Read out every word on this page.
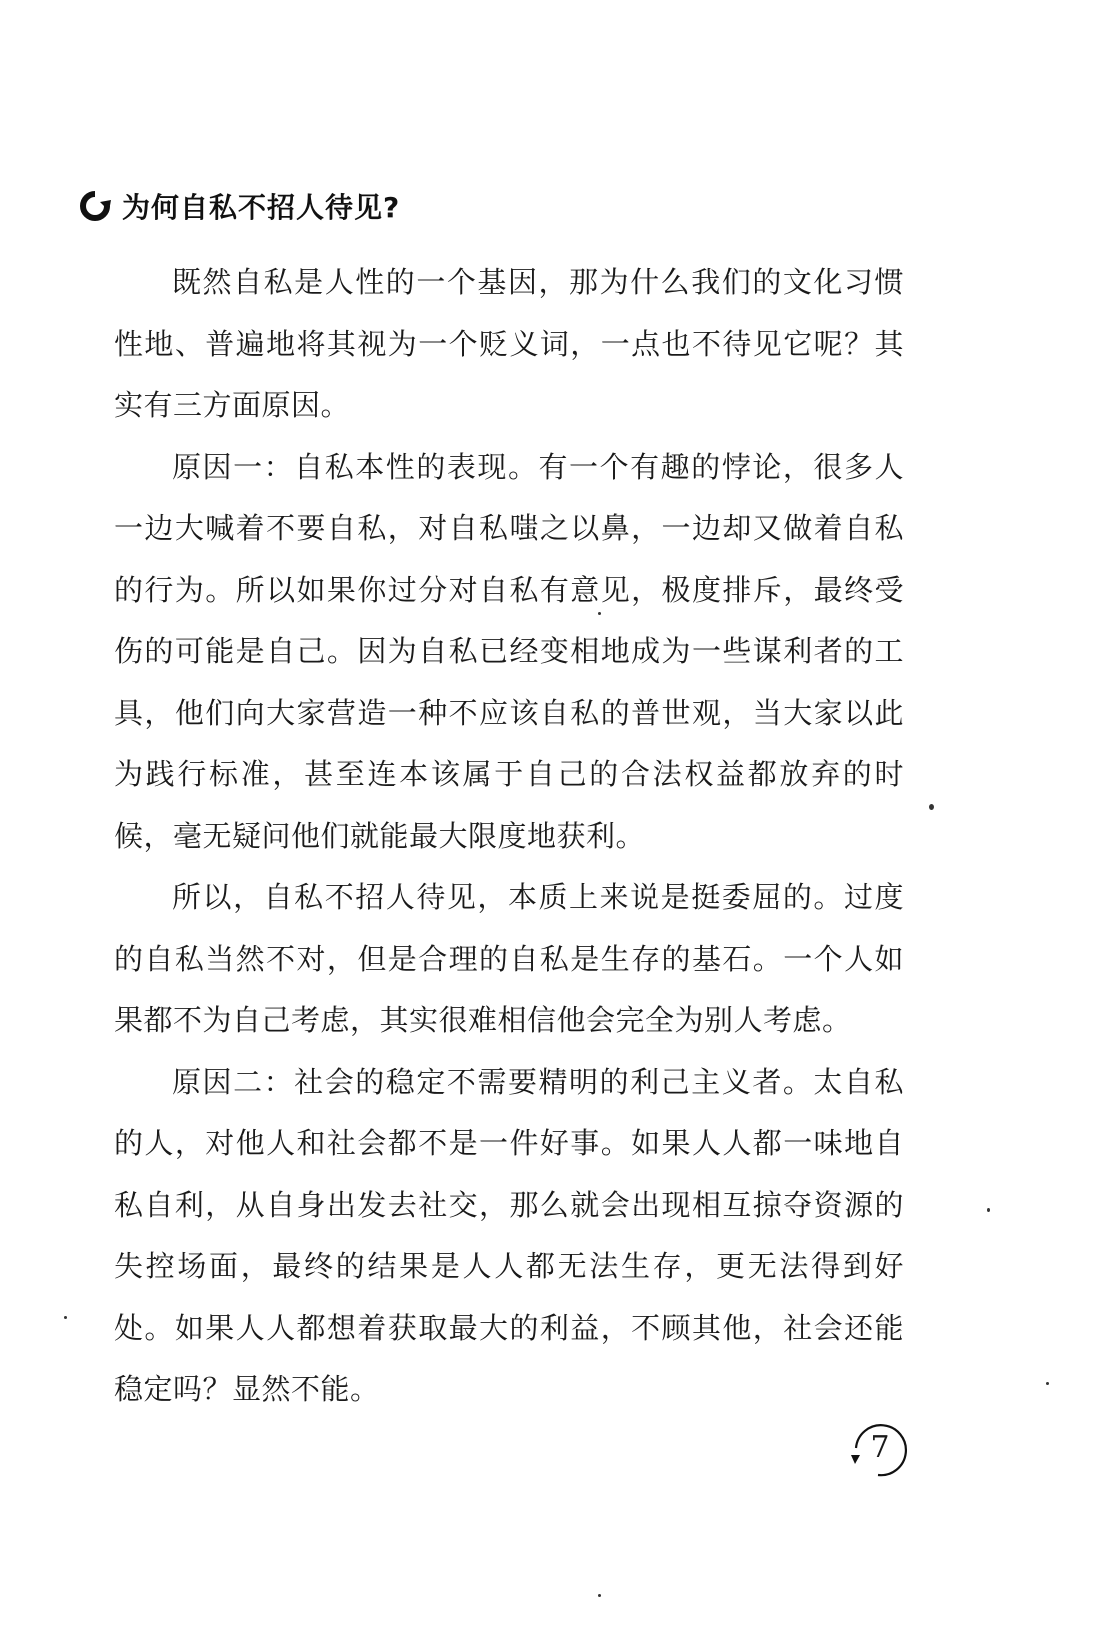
为何自私不招人待见?

既然自私是人性的一个基因，那为什么我们的文化习惯性地、普遍地将其视为一个贬义词，一点也不待见它呢？其实有三方面原因。

原因一：自私本性的表现。有一个有趣的悖论，很多人一边大喊着不要自私，对自私嗤之以鼻，一边却又做着自私的行为。所以如果你过分对自私有意见，极度排斥，最终受伤的可能是自己。因为自私已经变相地成为一些谋利者的工具，他们向大家营造一种不应该自私的普世观，当大家以此为践行标准，甚至连本该属于自己的合法权益都放弃的时候，毫无疑问他们就能最大限度地获利。

所以，自私不招人待见，本质上来说是挺委屈的。过度的自私当然不对，但是合理的自私是生存的基石。一个人如果都不为自己考虑，其实很难相信他会完全为别人考虑。

原因二：社会的稳定不需要精明的利己主义者。太自私的人，对他人和社会都不是一件好事。如果人人都一味地自私自利，从自身出发去社交，那么就会出现相互掠夺资源的失控场面，最终的结果是人人都无法生存，更无法得到好处。如果人人都想着获取最大的利益，不顾其他，社会还能稳定吗？显然不能。

7
